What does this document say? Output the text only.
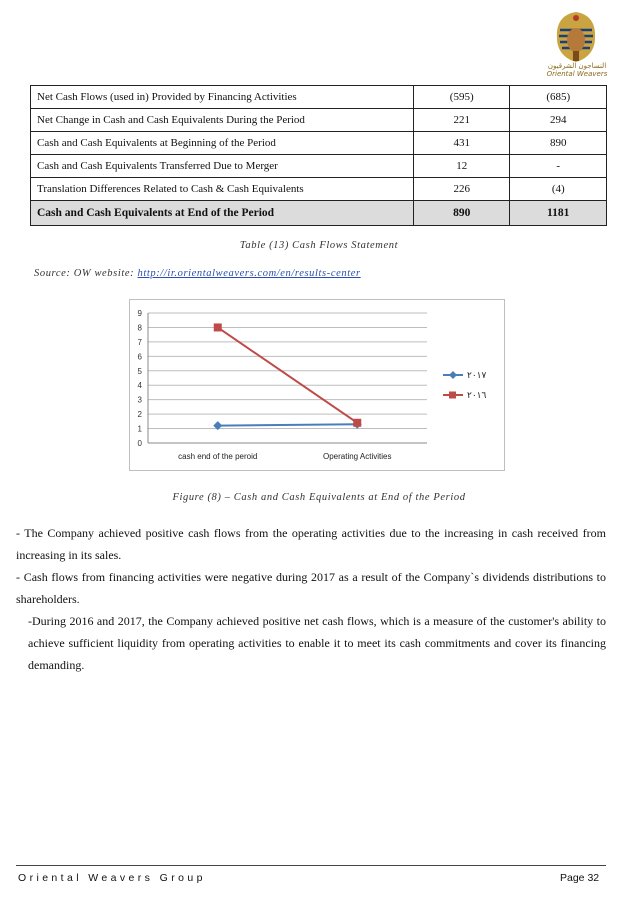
النساجون الشرقيون
Oriental Weavers
Net Cash Flows (used in) Provided by Financing Activities	(595)	(685)
Net Change in Cash and Cash Equivalents During the Period	221	294
Cash and Cash Equivalents at Beginning of the Period	431	890
Cash and Cash Equivalents Transferred Due to Merger	12	-
Translation Differences Related to Cash & Cash Equivalents	226	(4)
Cash and Cash Equivalents at End of the Period	890	1181
Table (13) Cash Flows Statement
Source: OW website: http://ir.orientalweavers.com/en/results-center
0
1
2
3
4
5
6
7
8
9
cash end of the peroid	Operating Activities
٢٠١٧
٢٠١٦
Figure (8) – Cash and Cash Equivalents at End of the Period
- The Company achieved positive cash flows from the operating activities due to the increasing in cash received from increasing in its sales.
- Cash flows from financing activities were negative during 2017 as a result of the Company`s dividends distributions to shareholders.
-During 2016 and 2017, the Company achieved positive net cash flows, which is a measure of the customer's ability to achieve sufficient liquidity from operating activities to enable it to meet its cash commitments and cover its financing demanding.
Oriental Weavers Group	Page 32
